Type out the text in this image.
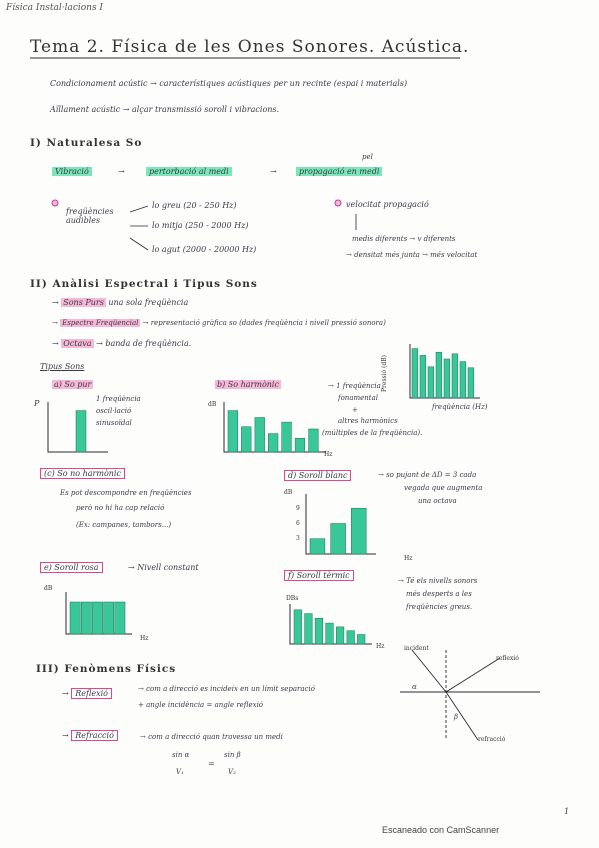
Física Instal·lacions I
Tema 2. Física de les Ones Sonores. Acústica.
Condicionament acústic → característiques acústiques per un recinte (espai i materials)
Aïllament acústic → alçar transmissió soroll i vibracions.
I) Naturalesa So
Vibració	→	pertorbació al medi	→
pel
propagació en medi
freqüències audibles
lo greu (20 - 250 Hz)
lo mitja (250 - 2000 Hz)
lo agut (2000 - 20000 Hz)
velocitat propagació
medis diferents → v diferents
→ densitat més junta → més velocitat
II) Anàlisi Espectral i Tipus Sons
→ Sons Purs una sola freqüència
→ Espectre Freqüencial → representació gràfica so (dades freqüència i nivell pressió sonora)
→ Octava → banda de freqüència.
Pressió (dB)
freqüència (Hz)
Tipus Sons
a) So pur
P	1 freqüència
oscil·lació
sinusoïdal
b) So harmònic
dB
Hz
→ 1 freqüència
fonamental
+
altres harmònics
(múltiples de la freqüència).
(c) So no harmònic
Es pot descompondre en freqüències
però no hi ha cap relació
(Ex: campanes, tambors...)
d) Soroll blanc	→ so pujant de ΔD = 3 cada
vegada que augmenta
una octava
dB
9
6
3
Hz
e) Soroll rosa	→ Nivell constant
dB
Hz
f) Soroll tèrmic
DBs
Hz
→ Té els nivells sonors
més desperts a les
freqüències greus.
III) Fenòmens Físics
→ Reflexió	→ com a direcció es incideix en un límit separació
+ angle incidència = angle reflexió
→ Refracció	→ com a direcció quan travessa un medi
sin α
V₁
=
sin β
V₂
incident
reflexió
refracció
α
β
Escaneado con CamScanner
1
